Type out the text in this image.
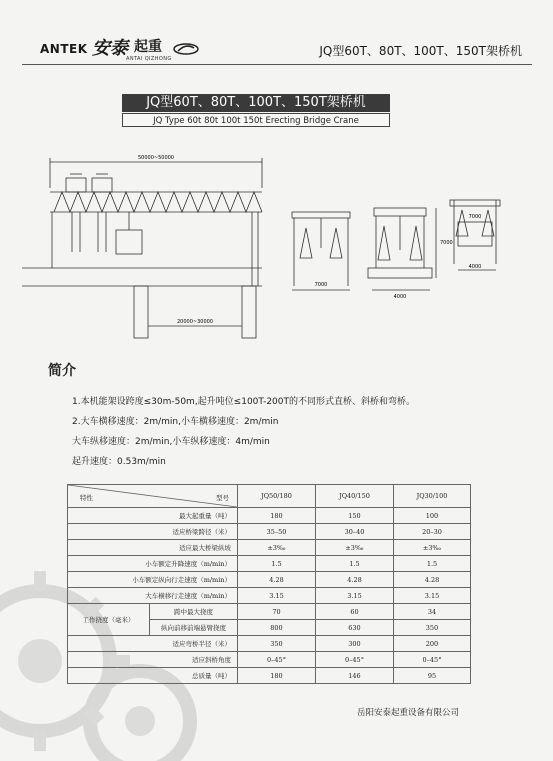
ANTEK 安泰 起重
ANTAI QIZHONG
JQ型60T、80T、100T、150T架桥机
JQ型60T、80T、100T、150T架桥机
JQ Type 60t 80t 100t 150t Erecting Bridge Crane
50000~50000
20000~30000
7000
7000
4000
7000
4000
简介
1.本机能架设跨度≤30m-50m,起升吨位≤100T-200T的不同形式直桥、斜桥和弯桥。
2.大车横移速度：2m/min,小车横移速度：2m/min
大车纵移速度：2m/min,小车纵移速度：4m/min
起升速度：0.53m/min
特性 型号		JQ50/180	JQ40/150	JQ30/100
最大起重量（吨）		180	150	100
适应桥梁跨径（米）		35–50	30–40	20–30
适应最大桥梁纵坡		±3‰	±3‰	±3‰
小车额定升降速度（m/min）		1.5	1.5	1.5
小车额定纵向行走速度（m/min）		4.28	4.28	4.28
大车横移行走速度（m/min）		3.15	3.15	3.15
工作挠度（毫米）	跨中最大挠度	70	60	34
	纵向前移前端悬臂挠度	800	630	350
适应弯桥半径（米）		350	300	200
适应斜桥角度		0–45°	0–45°	0–45°
总质量（吨）		180	146	95
岳阳安泰起重设备有限公司
